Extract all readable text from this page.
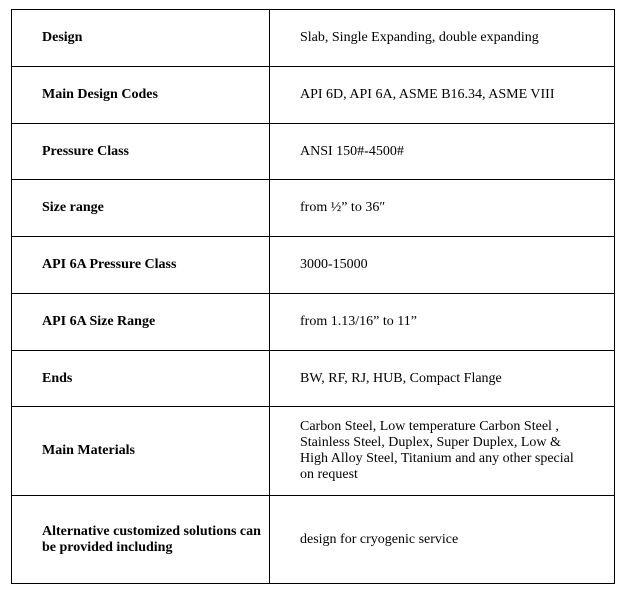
Design	Slab, Single Expanding, double expanding
Main Design Codes	API 6D, API 6A, ASME B16.34, ASME VIII
Pressure Class	ANSI 150#-4500#
Size range	from ½” to 36″
API 6A Pressure Class	3000-15000
API 6A Size Range	from 1.13/16” to 11”
Ends	BW, RF, RJ, HUB, Compact Flange
Main Materials	Carbon Steel, Low temperature Carbon Steel , Stainless Steel, Duplex, Super Duplex, Low & High Alloy Steel, Titanium and any other special on request
Alternative customized solutions can be provided including	design for cryogenic service
